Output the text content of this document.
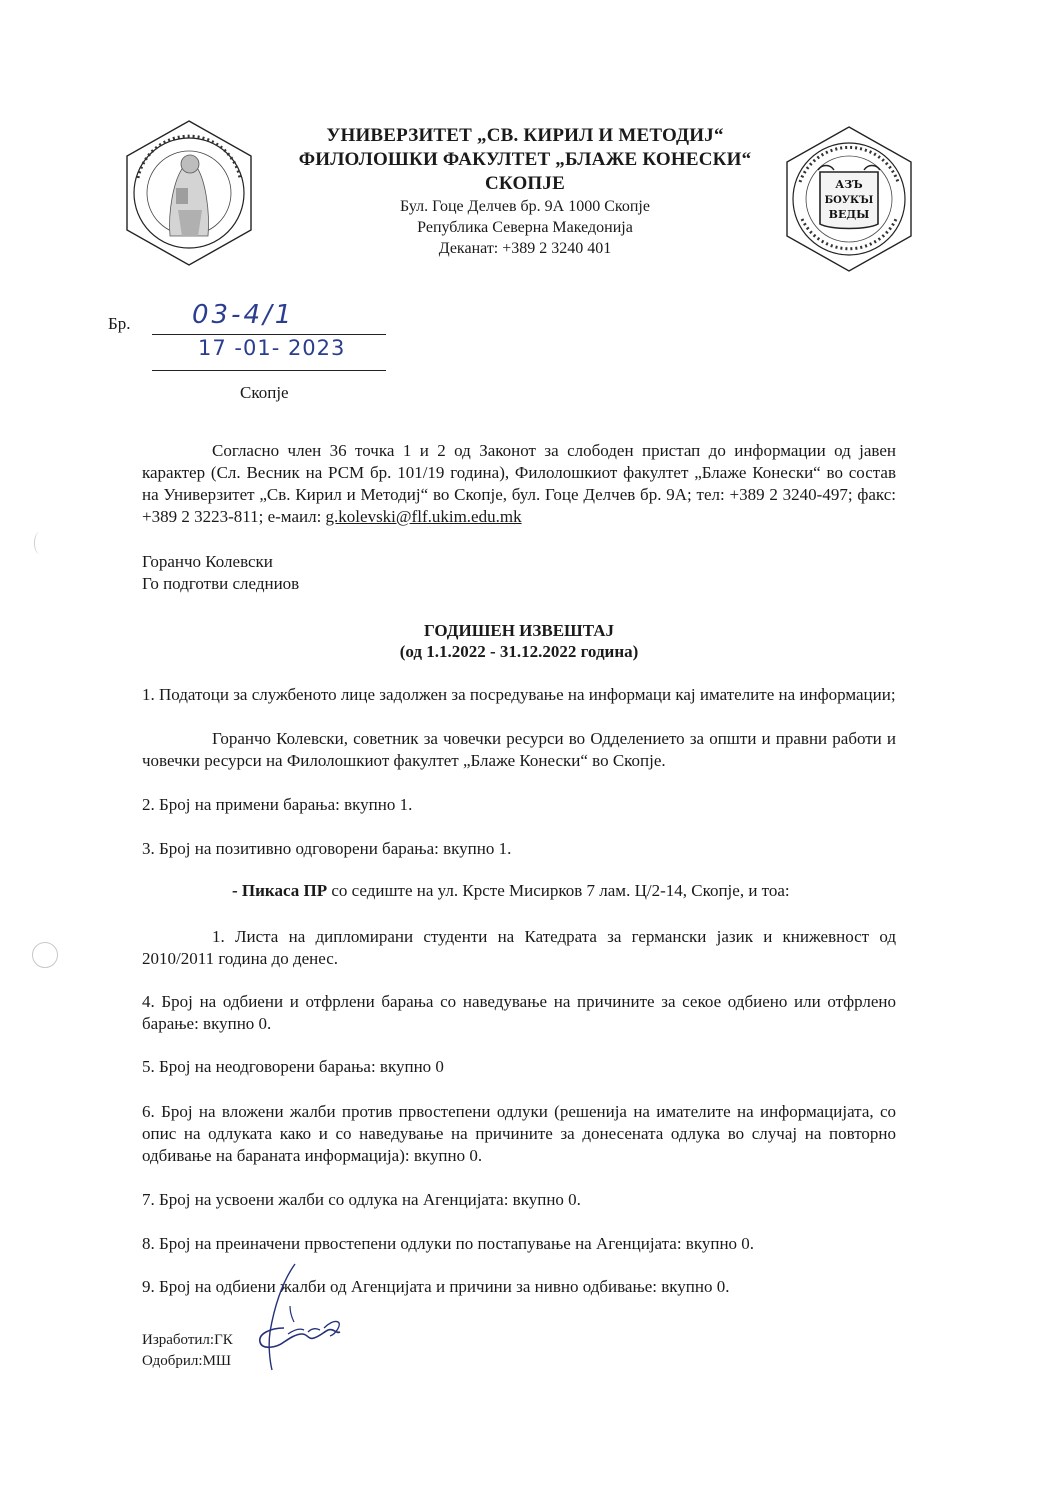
УНИВЕРЗИТЕТ „СВ. КИРИЛ И МЕТОДИЈ“
ФИЛОЛОШКИ ФАКУЛТЕТ „БЛАЖЕ КОНЕСКИ“
СКОПЈЕ
Бул. Гоце Делчев бр. 9А 1000 Скопје
Република Северна Македонија
Деканат: +389 2 3240 401
АЗЪ
БОУКЪI
ВЕДЫ
Бр. 03-4/1
17 -01- 2023
Скопје
Согласно член 36 точка 1 и 2 од Законот за слободен пристап до информации од јавен карактер (Сл. Весник на РСМ бр. 101/19 година), Филолошкиот факултет „Блаже Конески“ во состав на Универзитет „Св. Кирил и Методиј“ во Скопје, бул. Гоце Делчев бр. 9А; тел: +389 2 3240-497; факс: +389 2 3223-811; е-маил: g.kolevski@flf.ukim.edu.mk
Горанчо Колевски
Го подготви следниов
ГОДИШЕН ИЗВЕШТАЈ
(од 1.1.2022 - 31.12.2022 година)
1. Податоци за службеното лице задолжен за посредување на информаци кај имателите на информации;
Горанчо Колевски, советник за човечки ресурси во Одделението за општи и правни работи и човечки ресурси на Филолошкиот факултет „Блаже Конески“ во Скопје.
2. Број на примени барања: вкупно 1.
3. Број на позитивно одговорени барања: вкупно 1.
- Пикаса ПР со седиште на ул. Крсте Мисирков 7 лам. Ц/2-14, Скопје, и тоа:
1. Листа на дипломирани студенти на Катедрата за германски јазик и книжевност од 2010/2011 година до денес.
4. Број на одбиени и отфрлени барања со наведување на причините за секое одбиено или отфрлено барање: вкупно 0.
5. Број на неодговорени барања: вкупно 0
6. Број на вложени жалби против првостепени одлуки (решенија на имателите на информацијата, со опис на одлуката како и со наведување на причините за донесената одлука во случај на повторно одбивање на бараната информација): вкупно 0.
7. Број на усвоени жалби со одлука на Агенцијата: вкупно 0.
8. Број на преиначени првостепени одлуки по постапување на Агенцијата: вкупно 0.
9. Број на одбиени жалби од Агенцијата и причини за нивно одбивање: вкупно 0.
Изработил:ГК
Одобрил:МШ
